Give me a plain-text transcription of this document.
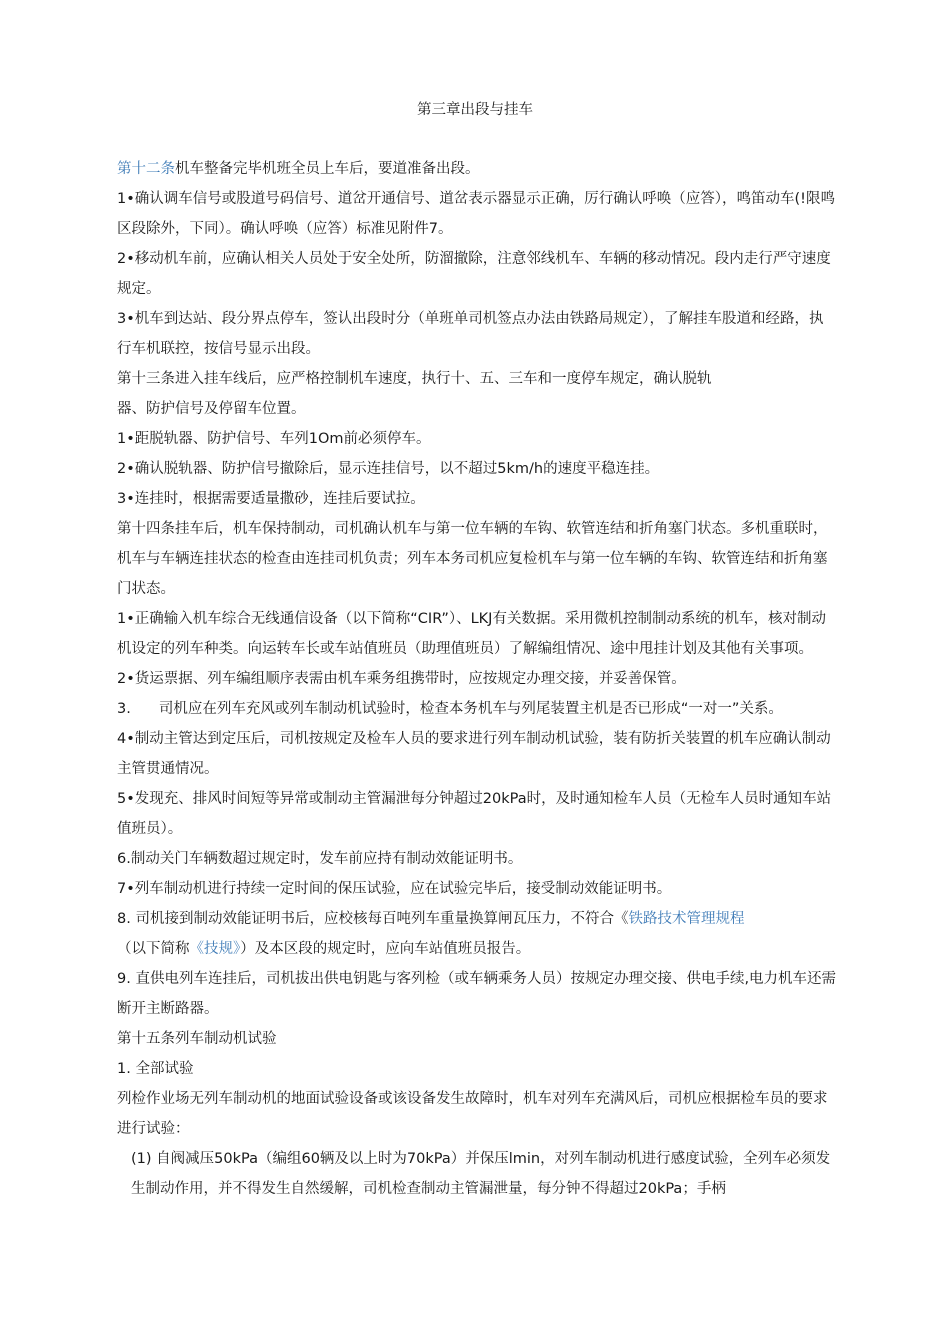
第三章出段与挂车

第十二条机车整备完毕机班全员上车后，要道准备出段。

1•确认调车信号或股道号码信号、道岔开通信号、道岔表示器显示正确，厉行确认呼唤（应答），鸣笛动车(!限鸣区段除外，下同）。确认呼唤（应答）标准见附件7。

2•移动机车前，应确认相关人员处于安全处所，防溜撤除，注意邻线机车、车辆的移动情况。段内走行严守速度规定。

3•机车到达站、段分界点停车，签认出段时分（单班单司机签点办法由铁路局规定），了解挂车股道和经路，执行车机联控，按信号显示出段。

第十三条进入挂车线后，应严格控制机车速度，执行十、五、三车和一度停车规定，确认脱轨
器、防护信号及停留车位置。

1•距脱轨器、防护信号、车列1Om前必须停车。

2•确认脱轨器、防护信号撤除后，显示连挂信号，以不超过5km/h的速度平稳连挂。

3•连挂时，根据需要适量撒砂，连挂后要试拉。

第十四条挂车后，机车保持制动，司机确认机车与第一位车辆的车钩、软管连结和折角塞门状态。多机重联时，机车与车辆连挂状态的检查由连挂司机负责；列车本务司机应复检机车与第一位车辆的车钩、软管连结和折角塞门状态。

1•正确输入机车综合无线通信设备（以下简称“CIR”）、LKJ有关数据。采用微机控制制动系统的机车，核对制动机设定的列车种类。向运转车长或车站值班员（助理值班员）了解编组情况、途中甩挂计划及其他有关事项。

2•货运票据、列车编组顺序表需由机车乘务组携带时，应按规定办理交接，并妥善保管。

3. 司机应在列车充风或列车制动机试验时，检查本务机车与列尾装置主机是否已形成“一对一”关系。

4•制动主管达到定压后，司机按规定及检车人员的要求进行列车制动机试验，装有防折关装置的机车应确认制动主管贯通情况。

5•发现充、排风时间短等异常或制动主管漏泄每分钟超过20kPa时，及时通知检车人员（无检车人员时通知车站值班员）。

6.制动关门车辆数超过规定时，发车前应持有制动效能证明书。

7•列车制动机进行持续一定时间的保压试验，应在试验完毕后，接受制动效能证明书。

8. 司机接到制动效能证明书后，应校核每百吨列车重量换算闸瓦压力，不符合《铁路技术管理规程
（以下简称《技规》）及本区段的规定时，应向车站值班员报告。

9. 直供电列车连挂后，司机拔出供电钥匙与客列检（或车辆乘务人员）按规定办理交接、供电手续,电力机车还需断开主断路器。

第十五条列车制动机试验

1. 全部试验

列检作业场无列车制动机的地面试验设备或该设备发生故障时，机车对列车充满风后，司机应根据检车员的要求进行试验：

(1) 自阀减压50kPa（编组60辆及以上时为70kPa）并保压lmin，对列车制动机进行感度试验，全列车必须发生制动作用，并不得发生自然缓解，司机检查制动主管漏泄量，每分钟不得超过20kPa；手柄
